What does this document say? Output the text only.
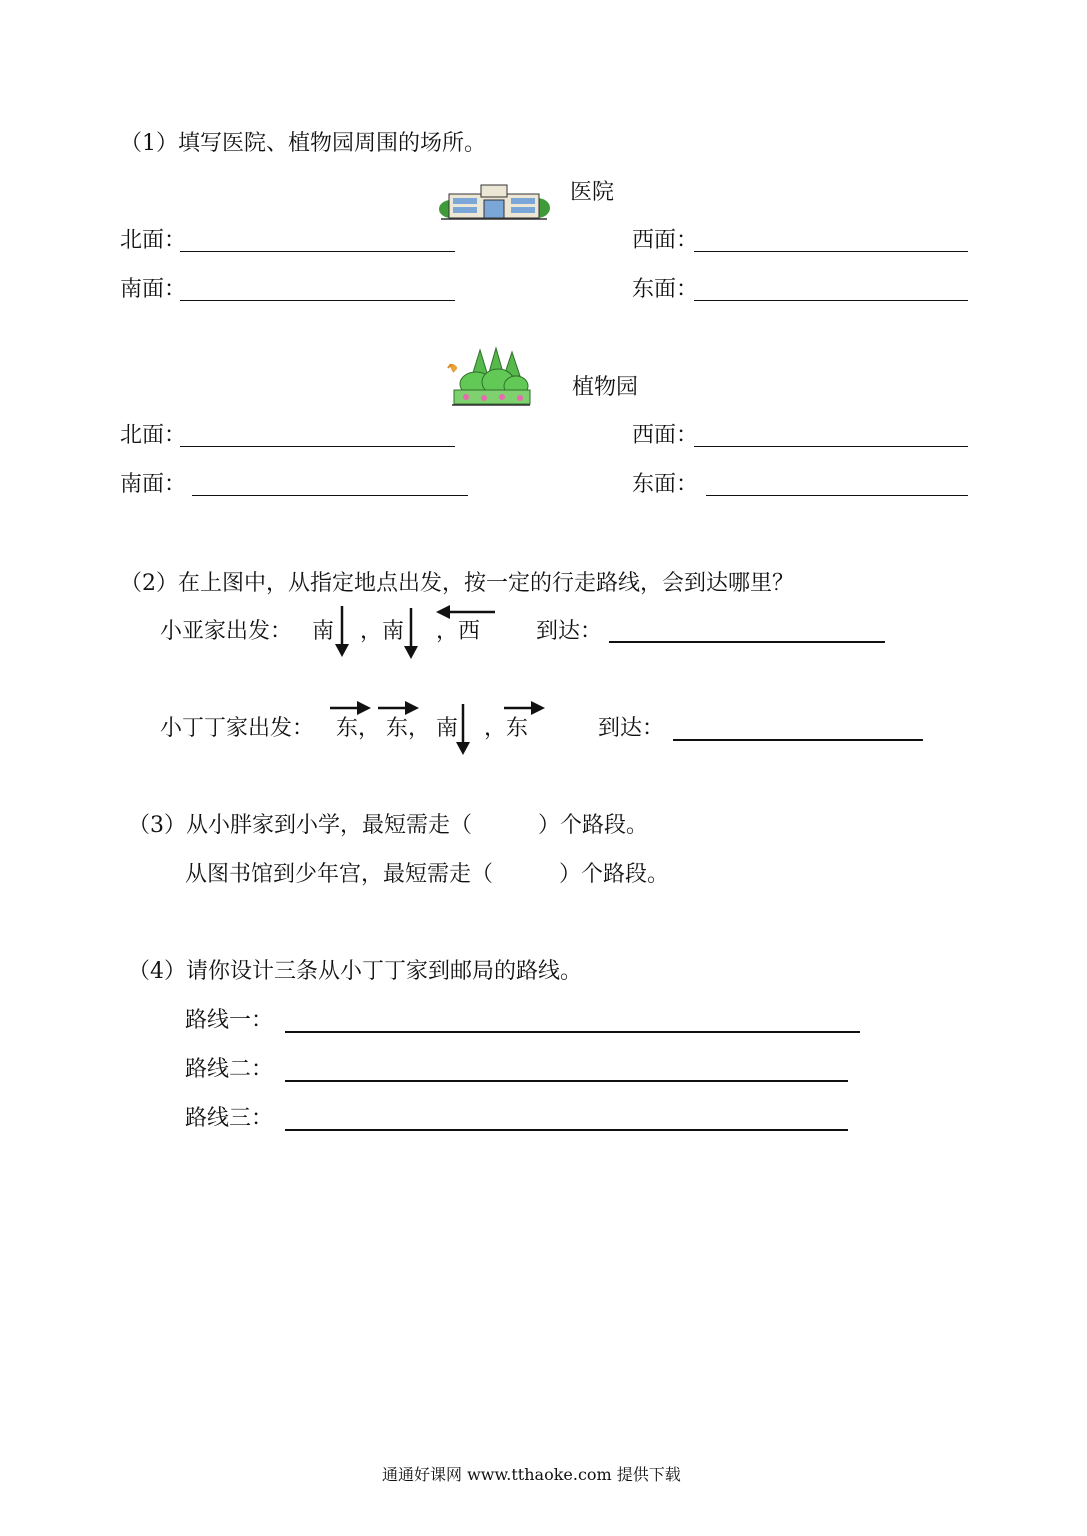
（1）填写医院、植物园周围的场所。
医院
北面：	西面：
南面：	东面：
植物园
北面：	西面：
南面：	东面：
（2）在上图中，从指定地点出发，按一定的行走路线，会到达哪里？
小亚家出发： 南 ，南 ，西	到达：
小丁丁家出发： 东， 东， 南 ，东	到达：
（3）从小胖家到小学，最短需走（　　　）个路段。
从图书馆到少年宫，最短需走（　　　）个路段。
（4）请你设计三条从小丁丁家到邮局的路线。
路线一：
路线二：
路线三：
通通好课网 www.tthaoke.com 提供下载
